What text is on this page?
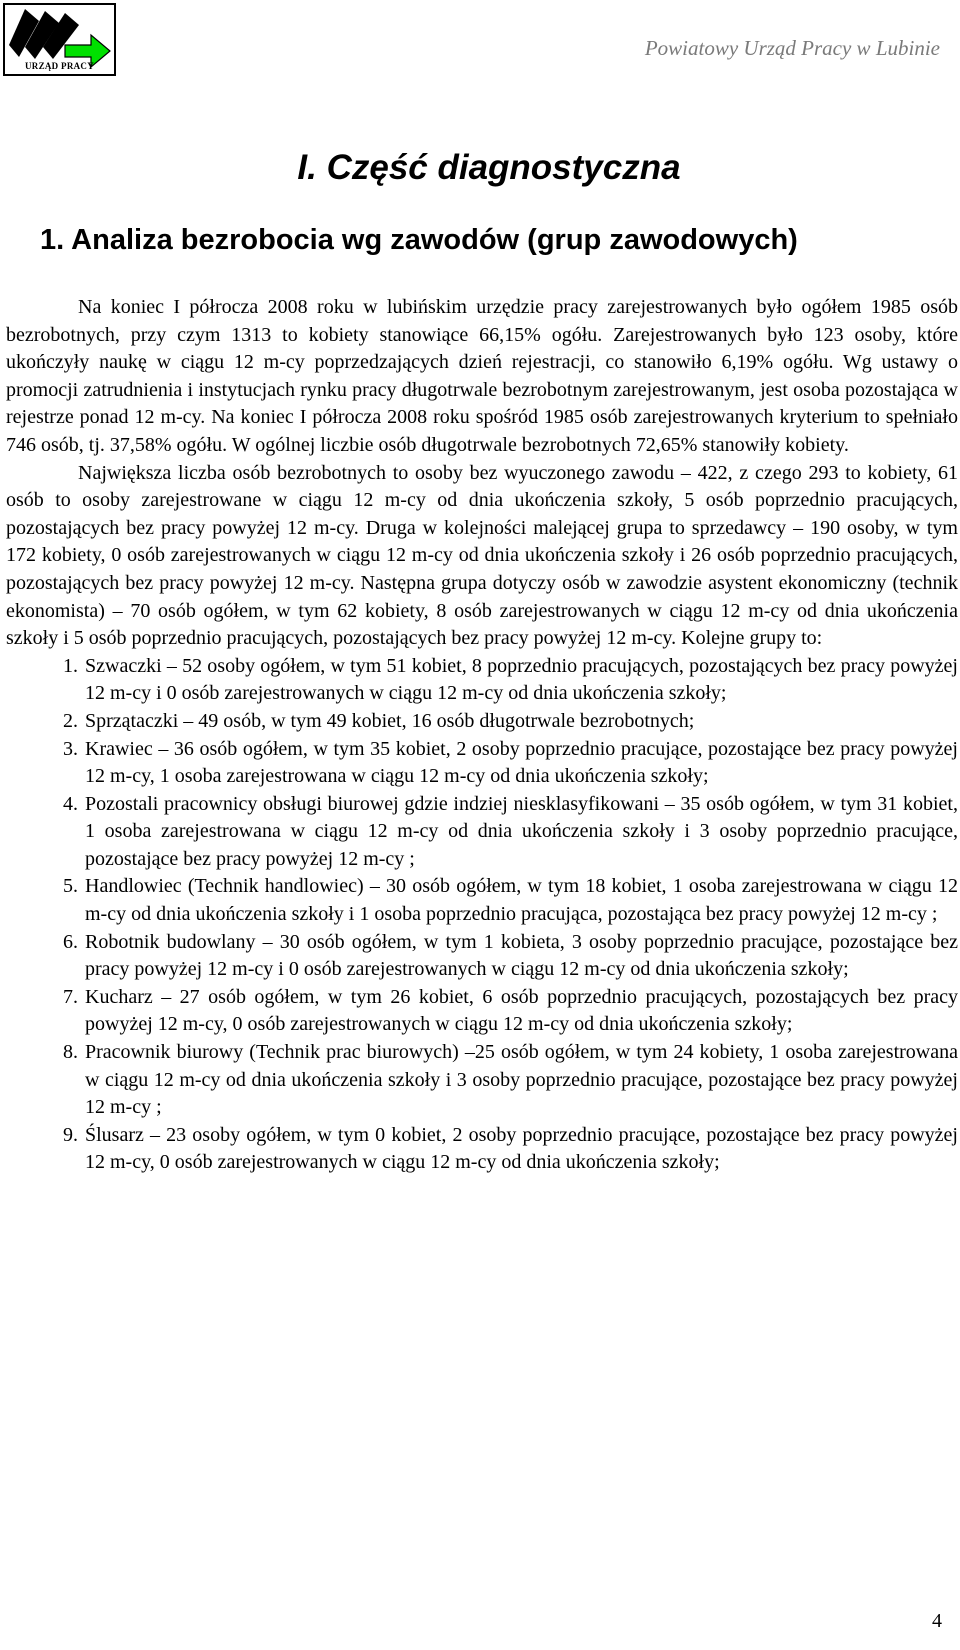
URZĄD PRACY
Powiatowy Urząd Pracy w Lubinie
I. Część diagnostyczna
1. Analiza bezrobocia wg zawodów (grup zawodowych)

Na koniec I półrocza 2008 roku w lubińskim urzędzie pracy zarejestrowanych było ogółem 1985 osób bezrobotnych, przy czym 1313 to kobiety stanowiące 66,15% ogółu. Zarejestrowanych było 123 osoby, które ukończyły naukę w ciągu 12 m-cy poprzedzających dzień rejestracji, co stanowiło 6,19% ogółu. Wg ustawy o promocji zatrudnienia i instytucjach rynku pracy długotrwale bezrobotnym zarejestrowanym, jest osoba pozostająca w rejestrze ponad 12 m-cy. Na koniec I półrocza 2008 roku spośród 1985 osób zarejestrowanych kryterium to spełniało 746 osób, tj. 37,58% ogółu. W ogólnej liczbie osób długotrwale bezrobotnych 72,65% stanowiły kobiety.

Największa liczba osób bezrobotnych to osoby bez wyuczonego zawodu – 422, z czego 293 to kobiety, 61 osób to osoby zarejestrowane w ciągu 12 m-cy od dnia ukończenia szkoły, 5 osób poprzednio pracujących, pozostających bez pracy powyżej 12 m-cy. Druga w kolejności malejącej grupa to sprzedawcy – 190 osoby, w tym 172 kobiety, 0 osób zarejestrowanych w ciągu 12 m-cy od dnia ukończenia szkoły i 26 osób poprzednio pracujących, pozostających bez pracy powyżej 12 m-cy. Następna grupa dotyczy osób w zawodzie asystent ekonomiczny (technik ekonomista) – 70 osób ogółem, w tym 62 kobiety, 8 osób zarejestrowanych w ciągu 12 m-cy od dnia ukończenia szkoły i 5 osób poprzednio pracujących, pozostających bez pracy powyżej 12 m-cy. Kolejne grupy to:

1. Szwaczki – 52 osoby ogółem, w tym 51 kobiet, 8 poprzednio pracujących, pozostających bez pracy powyżej 12 m-cy i 0 osób zarejestrowanych w ciągu 12 m-cy od dnia ukończenia szkoły;
2. Sprzątaczki – 49 osób, w tym 49 kobiet, 16 osób długotrwale bezrobotnych;
3. Krawiec – 36 osób ogółem, w tym 35 kobiet, 2 osoby poprzednio pracujące, pozostające bez pracy powyżej 12 m-cy, 1 osoba zarejestrowana w ciągu 12 m-cy od dnia ukończenia szkoły;
4. Pozostali pracownicy obsługi biurowej gdzie indziej niesklasyfikowani – 35 osób ogółem, w tym 31 kobiet, 1 osoba zarejestrowana w ciągu 12 m-cy od dnia ukończenia szkoły i 3 osoby poprzednio pracujące, pozostające bez pracy powyżej 12 m-cy ;
5. Handlowiec (Technik handlowiec) – 30 osób ogółem, w tym 18 kobiet, 1 osoba zarejestrowana w ciągu 12 m-cy od dnia ukończenia szkoły i 1 osoba poprzednio pracująca, pozostająca bez pracy powyżej 12 m-cy ;
6. Robotnik budowlany – 30 osób ogółem, w tym 1 kobieta, 3 osoby poprzednio pracujące, pozostające bez pracy powyżej 12 m-cy i 0 osób zarejestrowanych w ciągu 12 m-cy od dnia ukończenia szkoły;
7. Kucharz – 27 osób ogółem, w tym 26 kobiet, 6 osób poprzednio pracujących, pozostających bez pracy powyżej 12 m-cy, 0 osób zarejestrowanych w ciągu 12 m-cy od dnia ukończenia szkoły;
8. Pracownik biurowy (Technik prac biurowych) –25 osób ogółem, w tym 24 kobiety, 1 osoba zarejestrowana w ciągu 12 m-cy od dnia ukończenia szkoły i 3 osoby poprzednio pracujące, pozostające bez pracy powyżej 12 m-cy ;
9. Ślusarz – 23 osoby ogółem, w tym 0 kobiet, 2 osoby poprzednio pracujące, pozostające bez pracy powyżej 12 m-cy, 0 osób zarejestrowanych w ciągu 12 m-cy od dnia ukończenia szkoły;
4
